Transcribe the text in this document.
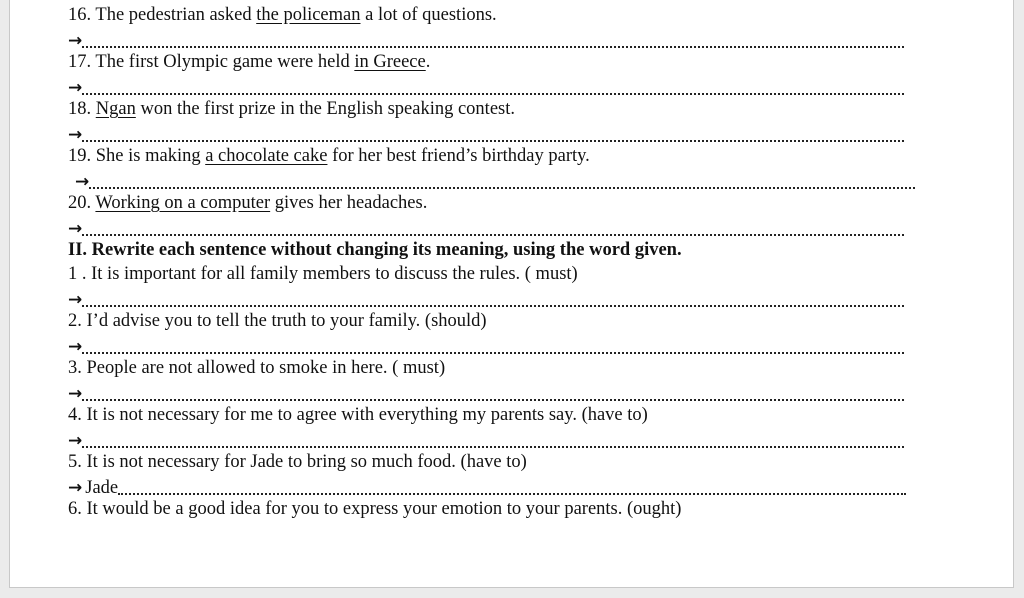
16. The pedestrian asked the policeman a lot of questions.
→
17. The first Olympic game were held in Greece.
→
18. Ngan won the first prize in the English speaking contest.
→
19. She is making a chocolate cake for her best friend’s birthday party.
→
20. Working on a computer gives her headaches.
→
II. Rewrite each sentence without changing its meaning, using the word given.
1 . It is important for all family members to discuss the rules. ( must)
→
2. I’d advise you to tell the truth to your family. (should)
→
3. People are not allowed to smoke in here. ( must)
→
4. It is not necessary for me to agree with everything my parents say. (have to)
→
5. It is not necessary for Jade to bring so much food. (have to)
→ Jade
6. It would be a good idea for you to express your emotion to your parents. (ought)
